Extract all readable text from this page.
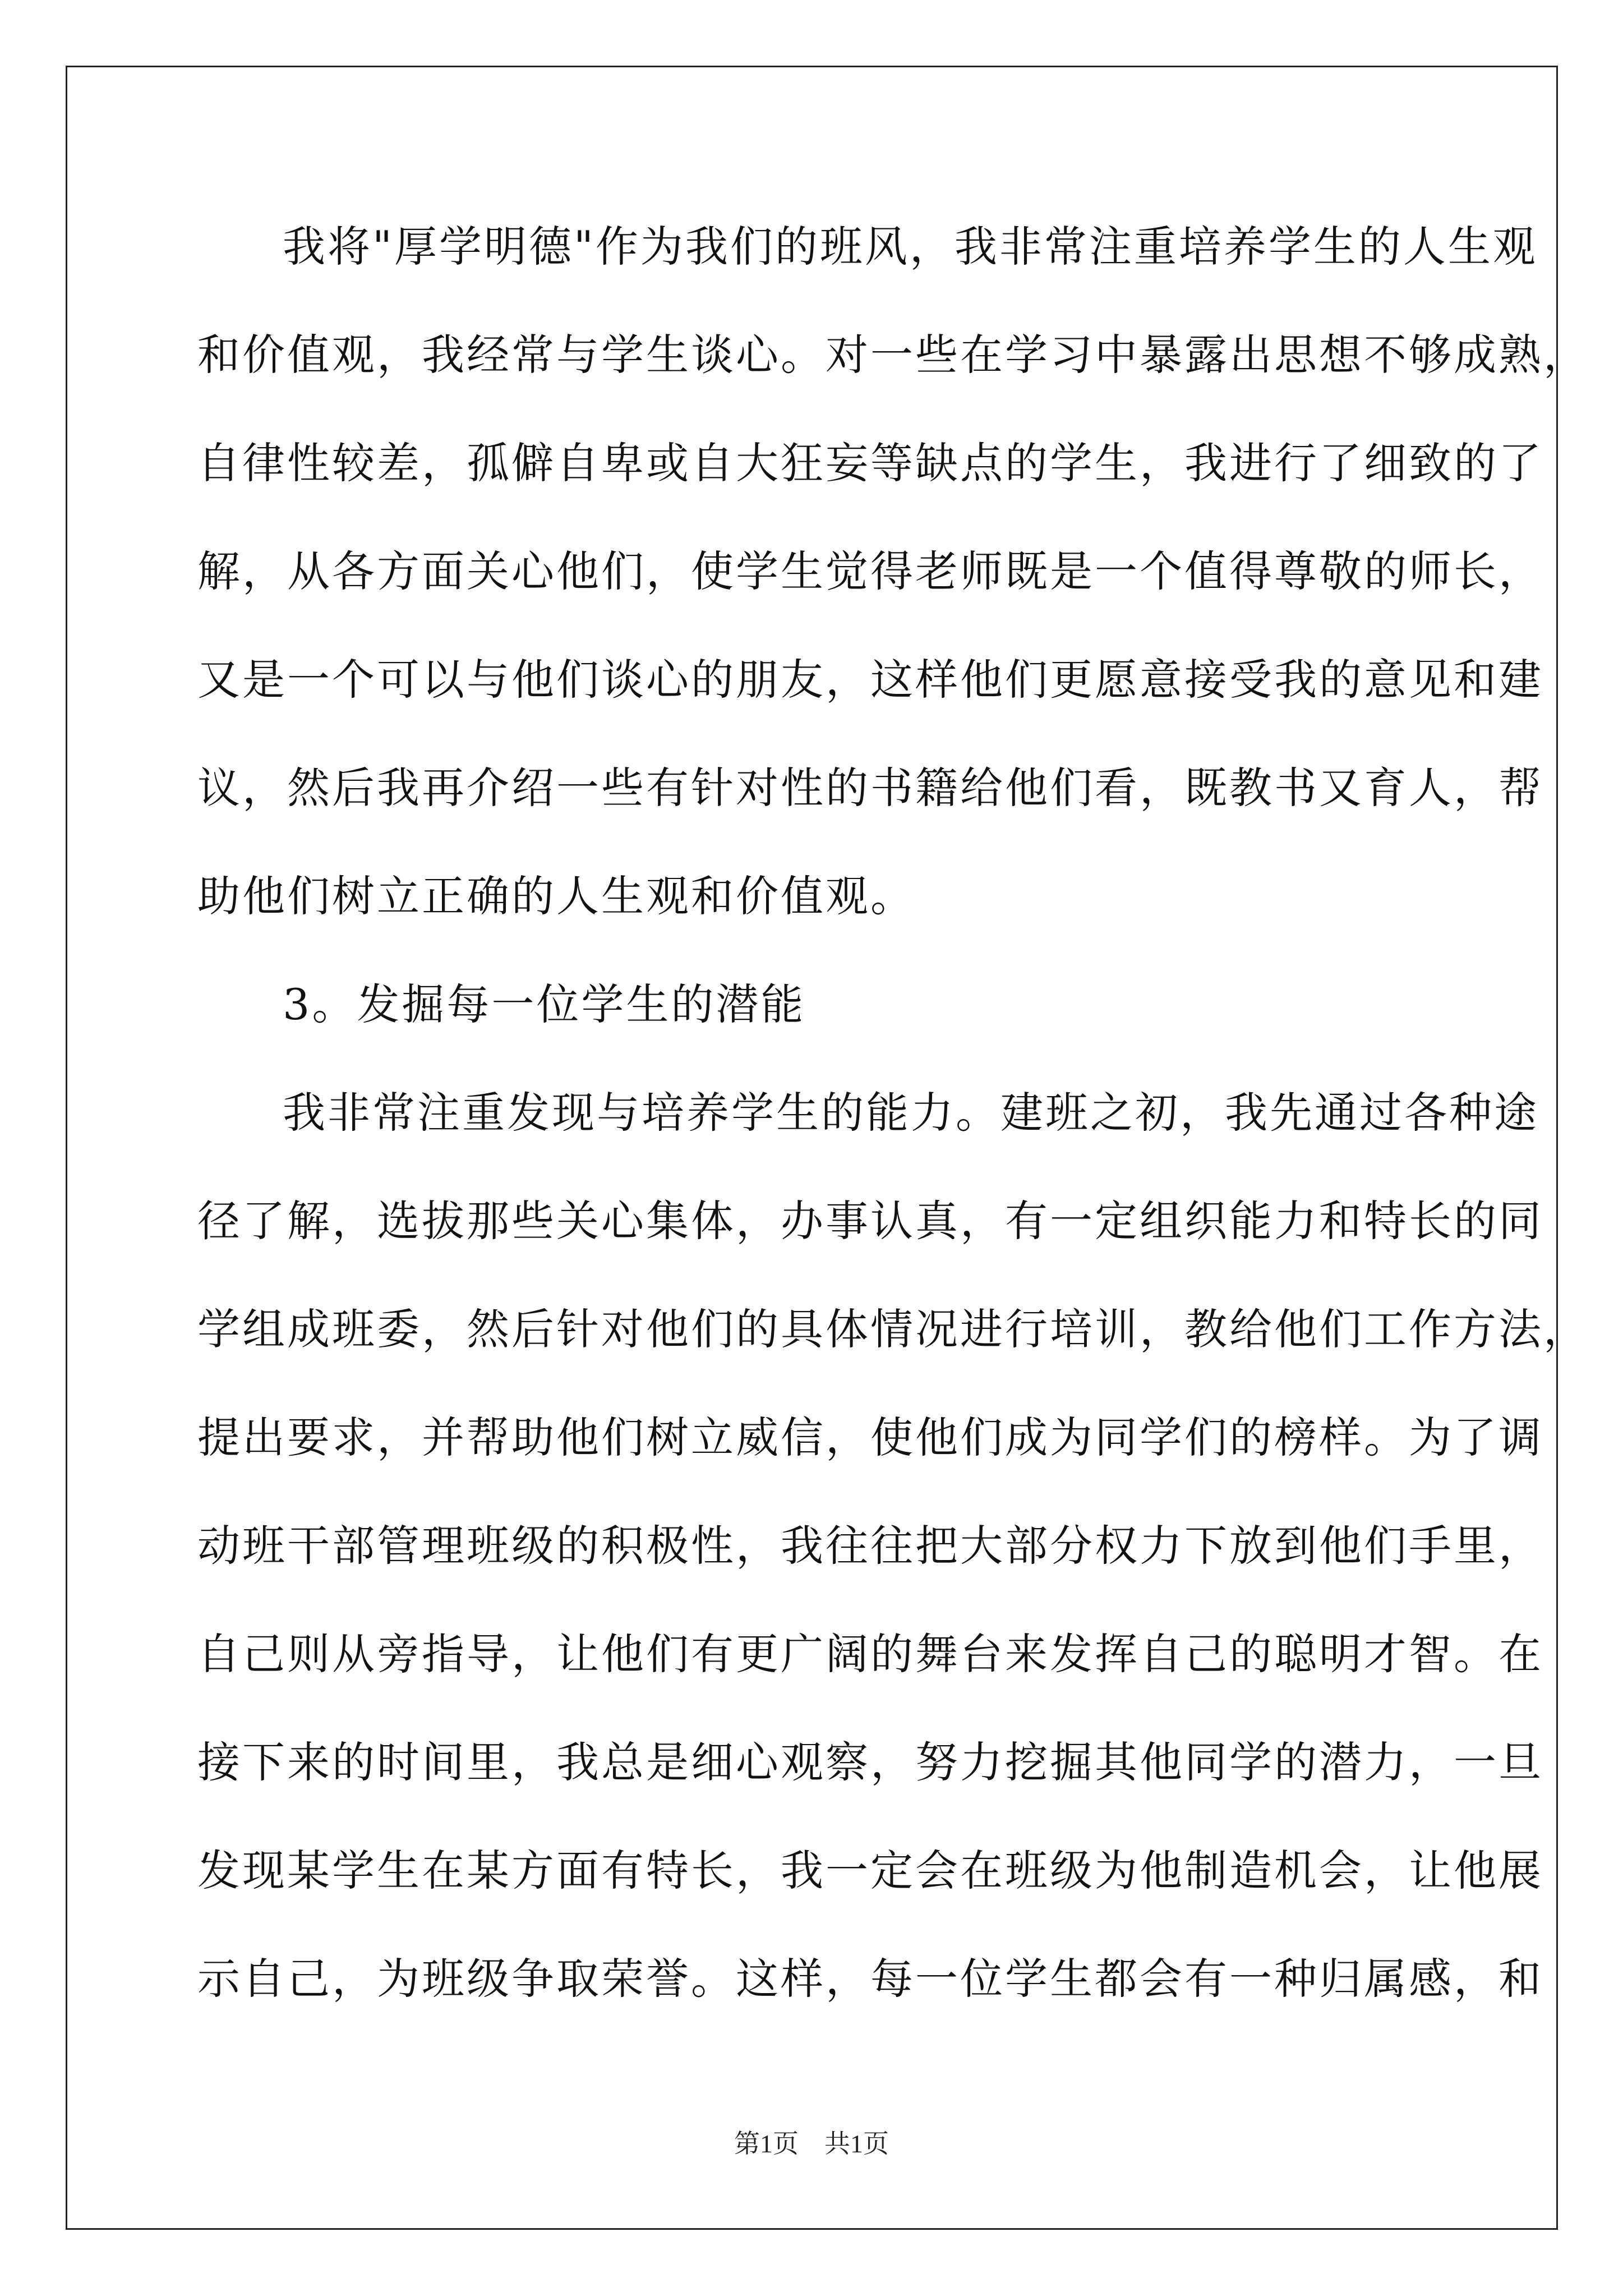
我将"厚学明德"作为我们的班风，我非常注重培养学生的人生观
和价值观，我经常与学生谈心。对一些在学习中暴露出思想不够成熟，
自律性较差，孤僻自卑或自大狂妄等缺点的学生，我进行了细致的了
解，从各方面关心他们，使学生觉得老师既是一个值得尊敬的师长，
又是一个可以与他们谈心的朋友，这样他们更愿意接受我的意见和建
议，然后我再介绍一些有针对性的书籍给他们看，既教书又育人，帮
助他们树立正确的人生观和价值观。
3。发掘每一位学生的潜能
我非常注重发现与培养学生的能力。建班之初，我先通过各种途
径了解，选拔那些关心集体，办事认真，有一定组织能力和特长的同
学组成班委，然后针对他们的具体情况进行培训，教给他们工作方法，
提出要求，并帮助他们树立威信，使他们成为同学们的榜样。为了调
动班干部管理班级的积极性，我往往把大部分权力下放到他们手里，
自己则从旁指导，让他们有更广阔的舞台来发挥自己的聪明才智。在
接下来的时间里，我总是细心观察，努力挖掘其他同学的潜力，一旦
发现某学生在某方面有特长，我一定会在班级为他制造机会，让他展
示自己，为班级争取荣誉。这样，每一位学生都会有一种归属感，和
第1页　共1页
